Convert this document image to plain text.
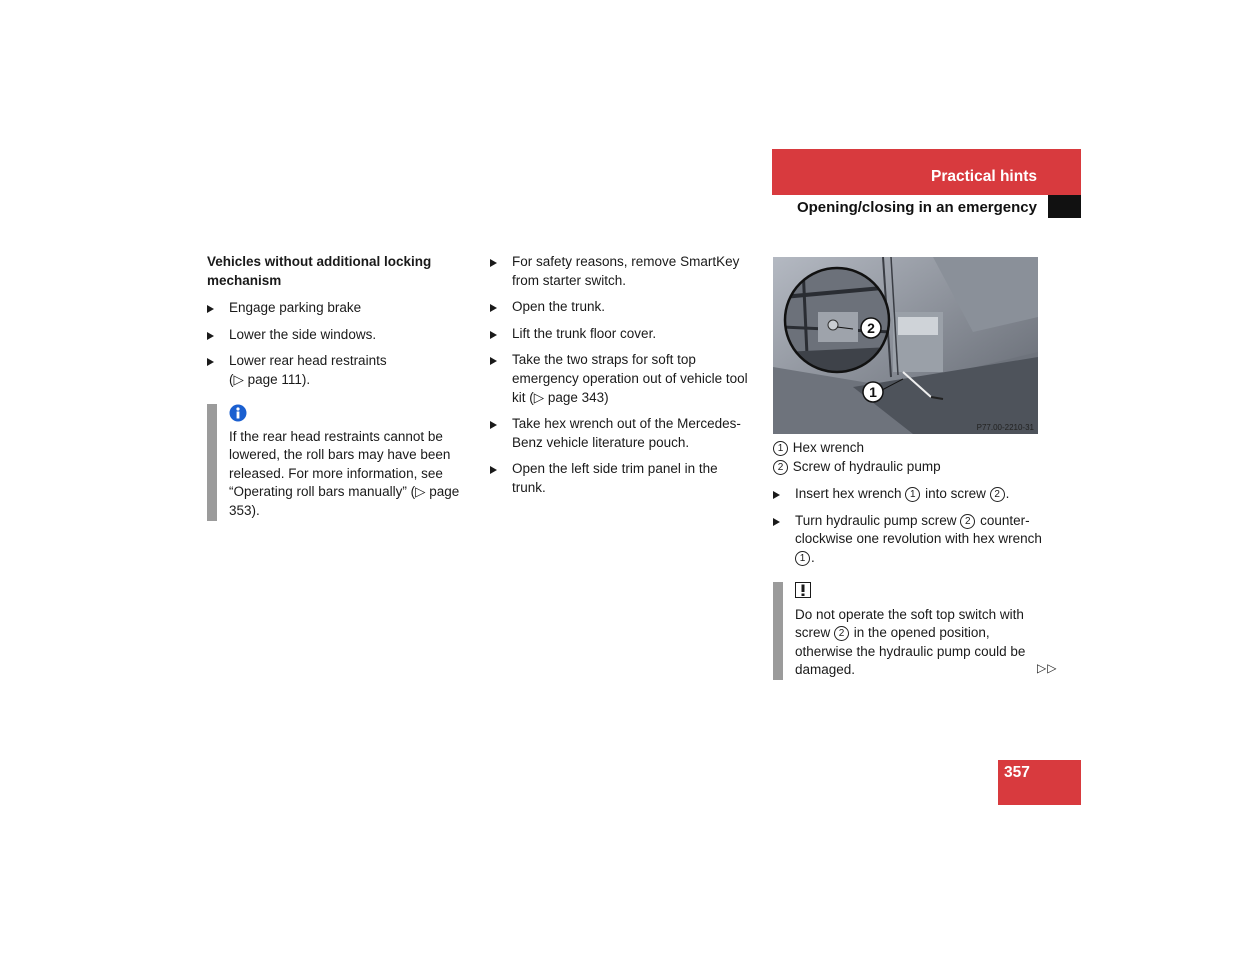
Practical hints
Opening/closing in an emergency
Vehicles without additional locking mechanism
Engage parking brake
Lower the side windows.
Lower rear head restraints
(▷ page 111).
If the rear head restraints cannot be lowered, the roll bars may have been released. For more information, see “Operating roll bars manually” (▷ page 353).
For safety reasons, remove SmartKey from starter switch.
Open the trunk.
Lift the trunk floor cover.
Take the two straps for soft top emergency operation out of vehicle tool kit (▷ page 343)
Take hex wrench out of the Mercedes-Benz vehicle literature pouch.
Open the left side trim panel in the trunk.
2
1
P77.00-2210-31
1 Hex wrench
2 Screw of hydraulic pump
Insert hex wrench 1 into screw 2 .
Turn hydraulic pump screw 2 counter-clockwise one revolution with hex wrench 1 .
Do not operate the soft top switch with screw 2 in the opened position, otherwise the hydraulic pump could be damaged.	▷▷
357
